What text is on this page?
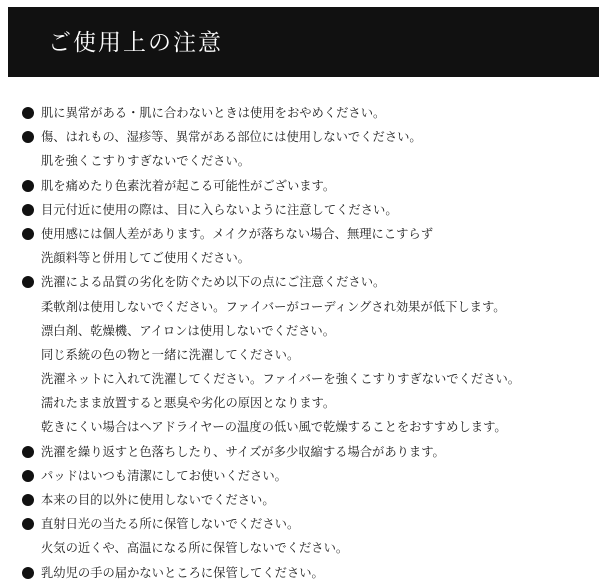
ご使用上の注意
肌に異常がある・肌に合わないときは使用をおやめください。
傷、はれもの、湿疹等、異常がある部位には使用しないでください。
肌を強くこすりすぎないでください。
肌を痛めたり色素沈着が起こる可能性がございます。
目元付近に使用の際は、目に入らないように注意してください。
使用感には個人差があります。メイクが落ちない場合、無理にこすらず
洗顔料等と併用してご使用ください。
洗濯による品質の劣化を防ぐため以下の点にご注意ください。
柔軟剤は使用しないでください。ファイバーがコーディングされ効果が低下します。
漂白剤、乾燥機、アイロンは使用しないでください。
同じ系統の色の物と一緒に洗濯してください。
洗濯ネットに入れて洗濯してください。ファイバーを強くこすりすぎないでください。
濡れたまま放置すると悪臭や劣化の原因となります。
乾きにくい場合はヘアドライヤーの温度の低い風で乾燥することをおすすめします。
洗濯を繰り返すと色落ちしたり、サイズが多少収縮する場合があります。
パッドはいつも清潔にしてお使いください。
本来の目的以外に使用しないでください。
直射日光の当たる所に保管しないでください。
火気の近くや、高温になる所に保管しないでください。
乳幼児の手の届かないところに保管してください。
